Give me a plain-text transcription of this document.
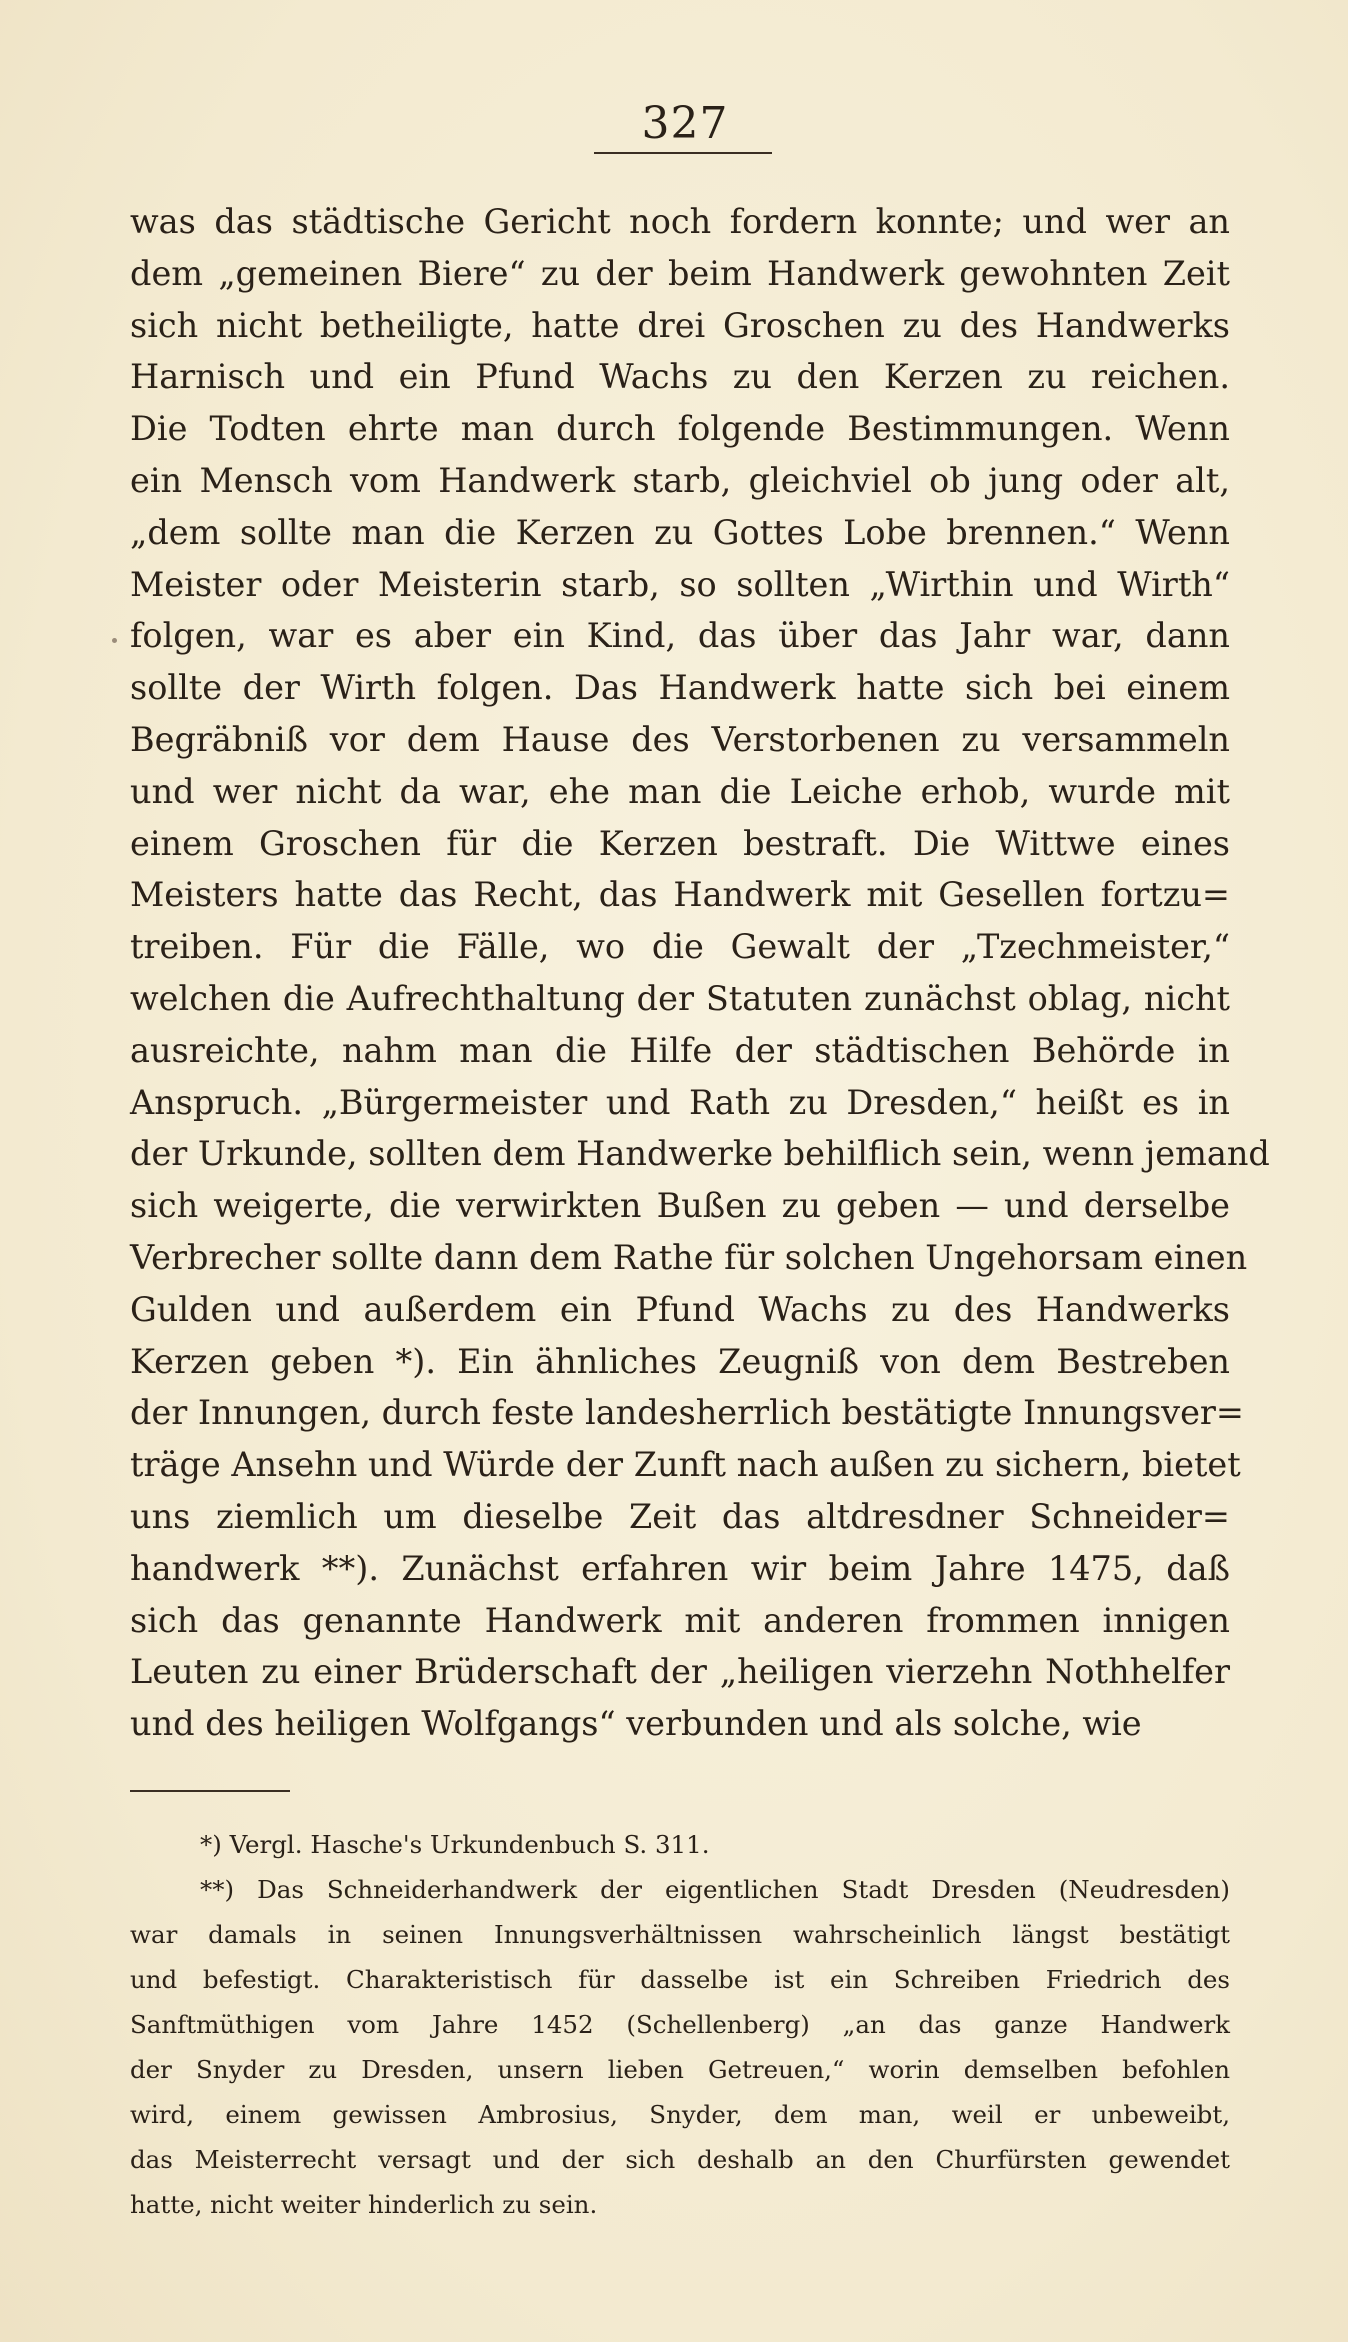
327
was das städtische Gericht noch fordern konnte; und wer an
dem „gemeinen Biere“ zu der beim Handwerk gewohnten Zeit
sich nicht betheiligte, hatte drei Groschen zu des Handwerks
Harnisch und ein Pfund Wachs zu den Kerzen zu reichen.
Die Todten ehrte man durch folgende Bestimmungen. Wenn
ein Mensch vom Handwerk starb, gleichviel ob jung oder alt,
„dem sollte man die Kerzen zu Gottes Lobe brennen.“ Wenn
Meister oder Meisterin starb, so sollten „Wirthin und Wirth“
folgen, war es aber ein Kind, das über das Jahr war, dann
sollte der Wirth folgen. Das Handwerk hatte sich bei einem
Begräbniß vor dem Hause des Verstorbenen zu versammeln
und wer nicht da war, ehe man die Leiche erhob, wurde mit
einem Groschen für die Kerzen bestraft. Die Wittwe eines
Meisters hatte das Recht, das Handwerk mit Gesellen fortzu=
treiben. Für die Fälle, wo die Gewalt der „Tzechmeister,“
welchen die Aufrechthaltung der Statuten zunächst oblag, nicht
ausreichte, nahm man die Hilfe der städtischen Behörde in
Anspruch. „Bürgermeister und Rath zu Dresden,“ heißt es in
der Urkunde, sollten dem Handwerke behilflich sein, wenn jemand
sich weigerte, die verwirkten Bußen zu geben — und derselbe
Verbrecher sollte dann dem Rathe für solchen Ungehorsam einen
Gulden und außerdem ein Pfund Wachs zu des Handwerks
Kerzen geben *). Ein ähnliches Zeugniß von dem Bestreben
der Innungen, durch feste landesherrlich bestätigte Innungsver=
träge Ansehn und Würde der Zunft nach außen zu sichern, bietet
uns ziemlich um dieselbe Zeit das altdresdner Schneider=
handwerk **). Zunächst erfahren wir beim Jahre 1475, daß
sich das genannte Handwerk mit anderen frommen innigen
Leuten zu einer Brüderschaft der „heiligen vierzehn Nothhelfer
und des heiligen Wolfgangs“ verbunden und als solche, wie
*) Vergl. Hasche's Urkundenbuch S. 311.
**) Das Schneiderhandwerk der eigentlichen Stadt Dresden (Neudresden)
war damals in seinen Innungsverhältnissen wahrscheinlich längst bestätigt
und befestigt. Charakteristisch für dasselbe ist ein Schreiben Friedrich des
Sanftmüthigen vom Jahre 1452 (Schellenberg) „an das ganze Handwerk
der Snyder zu Dresden, unsern lieben Getreuen,“ worin demselben befohlen
wird, einem gewissen Ambrosius, Snyder, dem man, weil er unbeweibt,
das Meisterrecht versagt und der sich deshalb an den Churfürsten gewendet
hatte, nicht weiter hinderlich zu sein.
